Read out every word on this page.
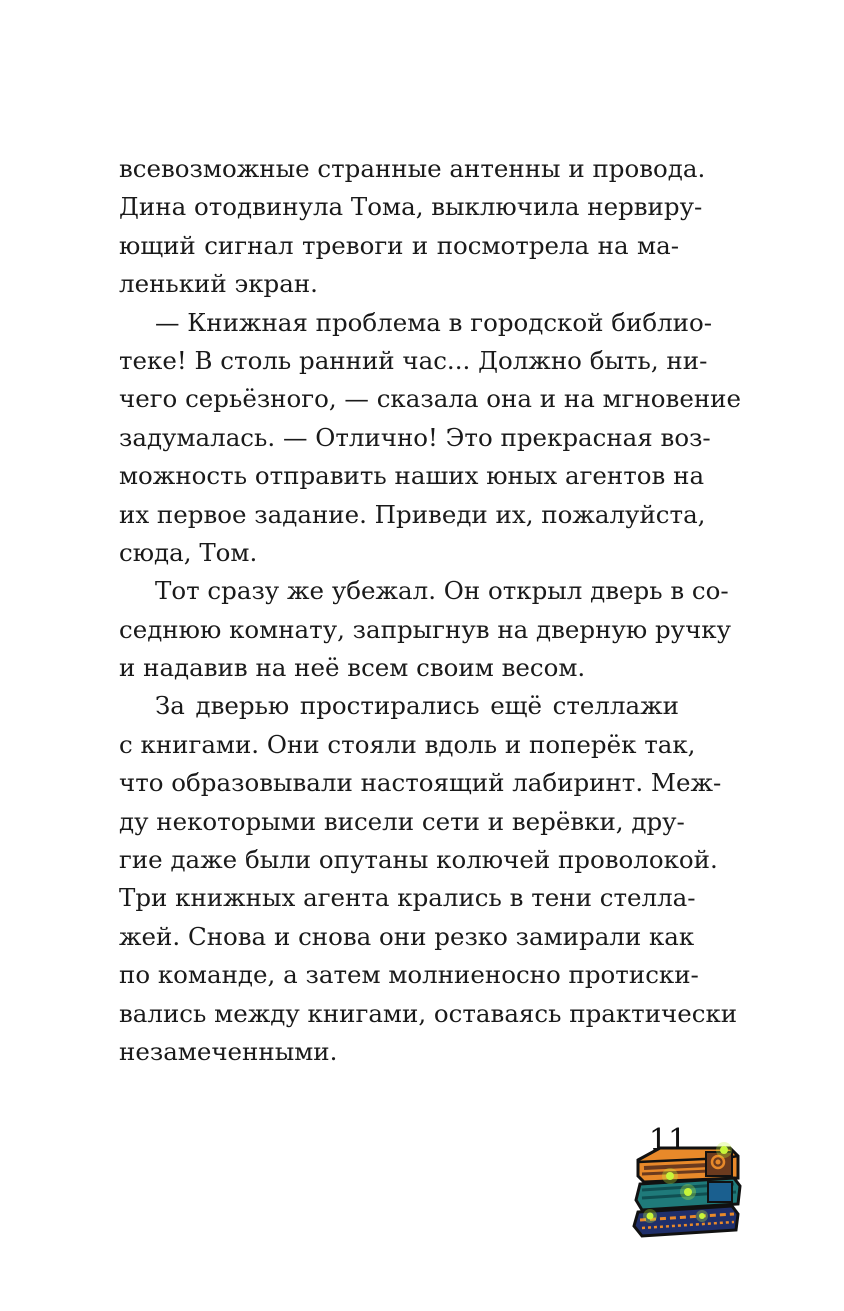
всевозможные странные антенны и провода.
Дина отодвинула Тома, выключила нервиру-
ющий сигнал тревоги и посмотрела на ма-
ленький экран.
— Книжная проблема в городской библио-
теке! В столь ранний час... Должно быть, ни-
чего серьёзного, — сказала она и на мгновение
задумалась. — Отлично! Это прекрасная воз-
можность отправить наших юных агентов на
их первое задание. Приведи их, пожалуйста,
сюда, Том.
Тот сразу же убежал. Он открыл дверь в со-
седнюю комнату, запрыгнув на дверную ручку
и надавив на неё всем своим весом.
За дверью простирались ещё стеллажи
с книгами. Они стояли вдоль и поперёк так,
что образовывали настоящий лабиринт. Меж-
ду некоторыми висели сети и верёвки, дру-
гие даже были опутаны колючей проволокой.
Три книжных агента крались в тени стелла-
жей. Снова и снова они резко замирали как
по команде, а затем молниеносно протиски-
вались между книгами, оставаясь практически
незамеченными.
11
